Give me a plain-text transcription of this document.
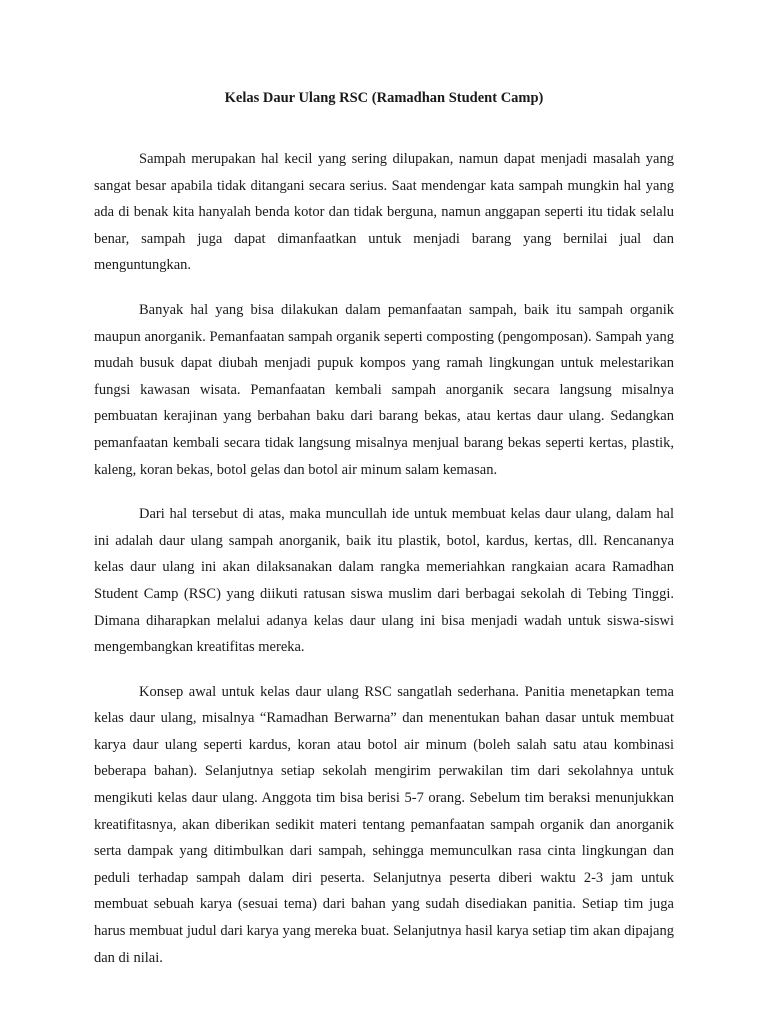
Kelas Daur Ulang RSC (Ramadhan Student Camp)

Sampah merupakan hal kecil yang sering dilupakan, namun dapat menjadi masalah yang sangat besar apabila tidak ditangani secara serius. Saat mendengar kata sampah mungkin hal yang ada di benak kita hanyalah benda kotor dan tidak berguna, namun anggapan seperti itu tidak selalu benar, sampah juga dapat dimanfaatkan untuk menjadi barang yang bernilai jual dan menguntungkan.

Banyak hal yang bisa dilakukan dalam pemanfaatan sampah, baik itu sampah organik maupun anorganik. Pemanfaatan sampah organik seperti composting (pengomposan). Sampah yang mudah busuk dapat diubah menjadi pupuk kompos yang ramah lingkungan untuk melestarikan fungsi kawasan wisata. Pemanfaatan kembali sampah anorganik secara langsung misalnya pembuatan kerajinan yang berbahan baku dari barang bekas, atau kertas daur ulang. Sedangkan pemanfaatan kembali secara tidak langsung misalnya menjual barang bekas seperti kertas, plastik, kaleng, koran bekas, botol gelas dan botol air minum salam kemasan.

Dari hal tersebut di atas, maka muncullah ide untuk membuat kelas daur ulang, dalam hal ini adalah daur ulang sampah anorganik, baik itu plastik, botol, kardus, kertas, dll. Rencananya kelas daur ulang ini akan dilaksanakan dalam rangka memeriahkan rangkaian acara Ramadhan Student Camp (RSC) yang diikuti ratusan siswa muslim dari berbagai sekolah di Tebing Tinggi. Dimana diharapkan melalui adanya kelas daur ulang ini bisa menjadi wadah untuk siswa-siswi mengembangkan kreatifitas mereka.

Konsep awal untuk kelas daur ulang RSC sangatlah sederhana. Panitia menetapkan tema kelas daur ulang, misalnya “Ramadhan Berwarna” dan menentukan bahan dasar untuk membuat karya daur ulang seperti kardus, koran atau botol air minum (boleh salah satu atau kombinasi beberapa bahan). Selanjutnya setiap sekolah mengirim perwakilan tim dari sekolahnya untuk mengikuti kelas daur ulang. Anggota tim bisa berisi 5-7 orang. Sebelum tim beraksi menunjukkan kreatifitasnya, akan diberikan sedikit materi tentang pemanfaatan sampah organik dan anorganik serta dampak yang ditimbulkan dari sampah, sehingga memunculkan rasa cinta lingkungan dan peduli terhadap sampah dalam diri peserta. Selanjutnya peserta diberi waktu 2-3 jam untuk membuat sebuah karya (sesuai tema) dari bahan yang sudah disediakan panitia. Setiap tim juga harus membuat judul dari karya yang mereka buat. Selanjutnya hasil karya setiap tim akan dipajang dan di nilai.
